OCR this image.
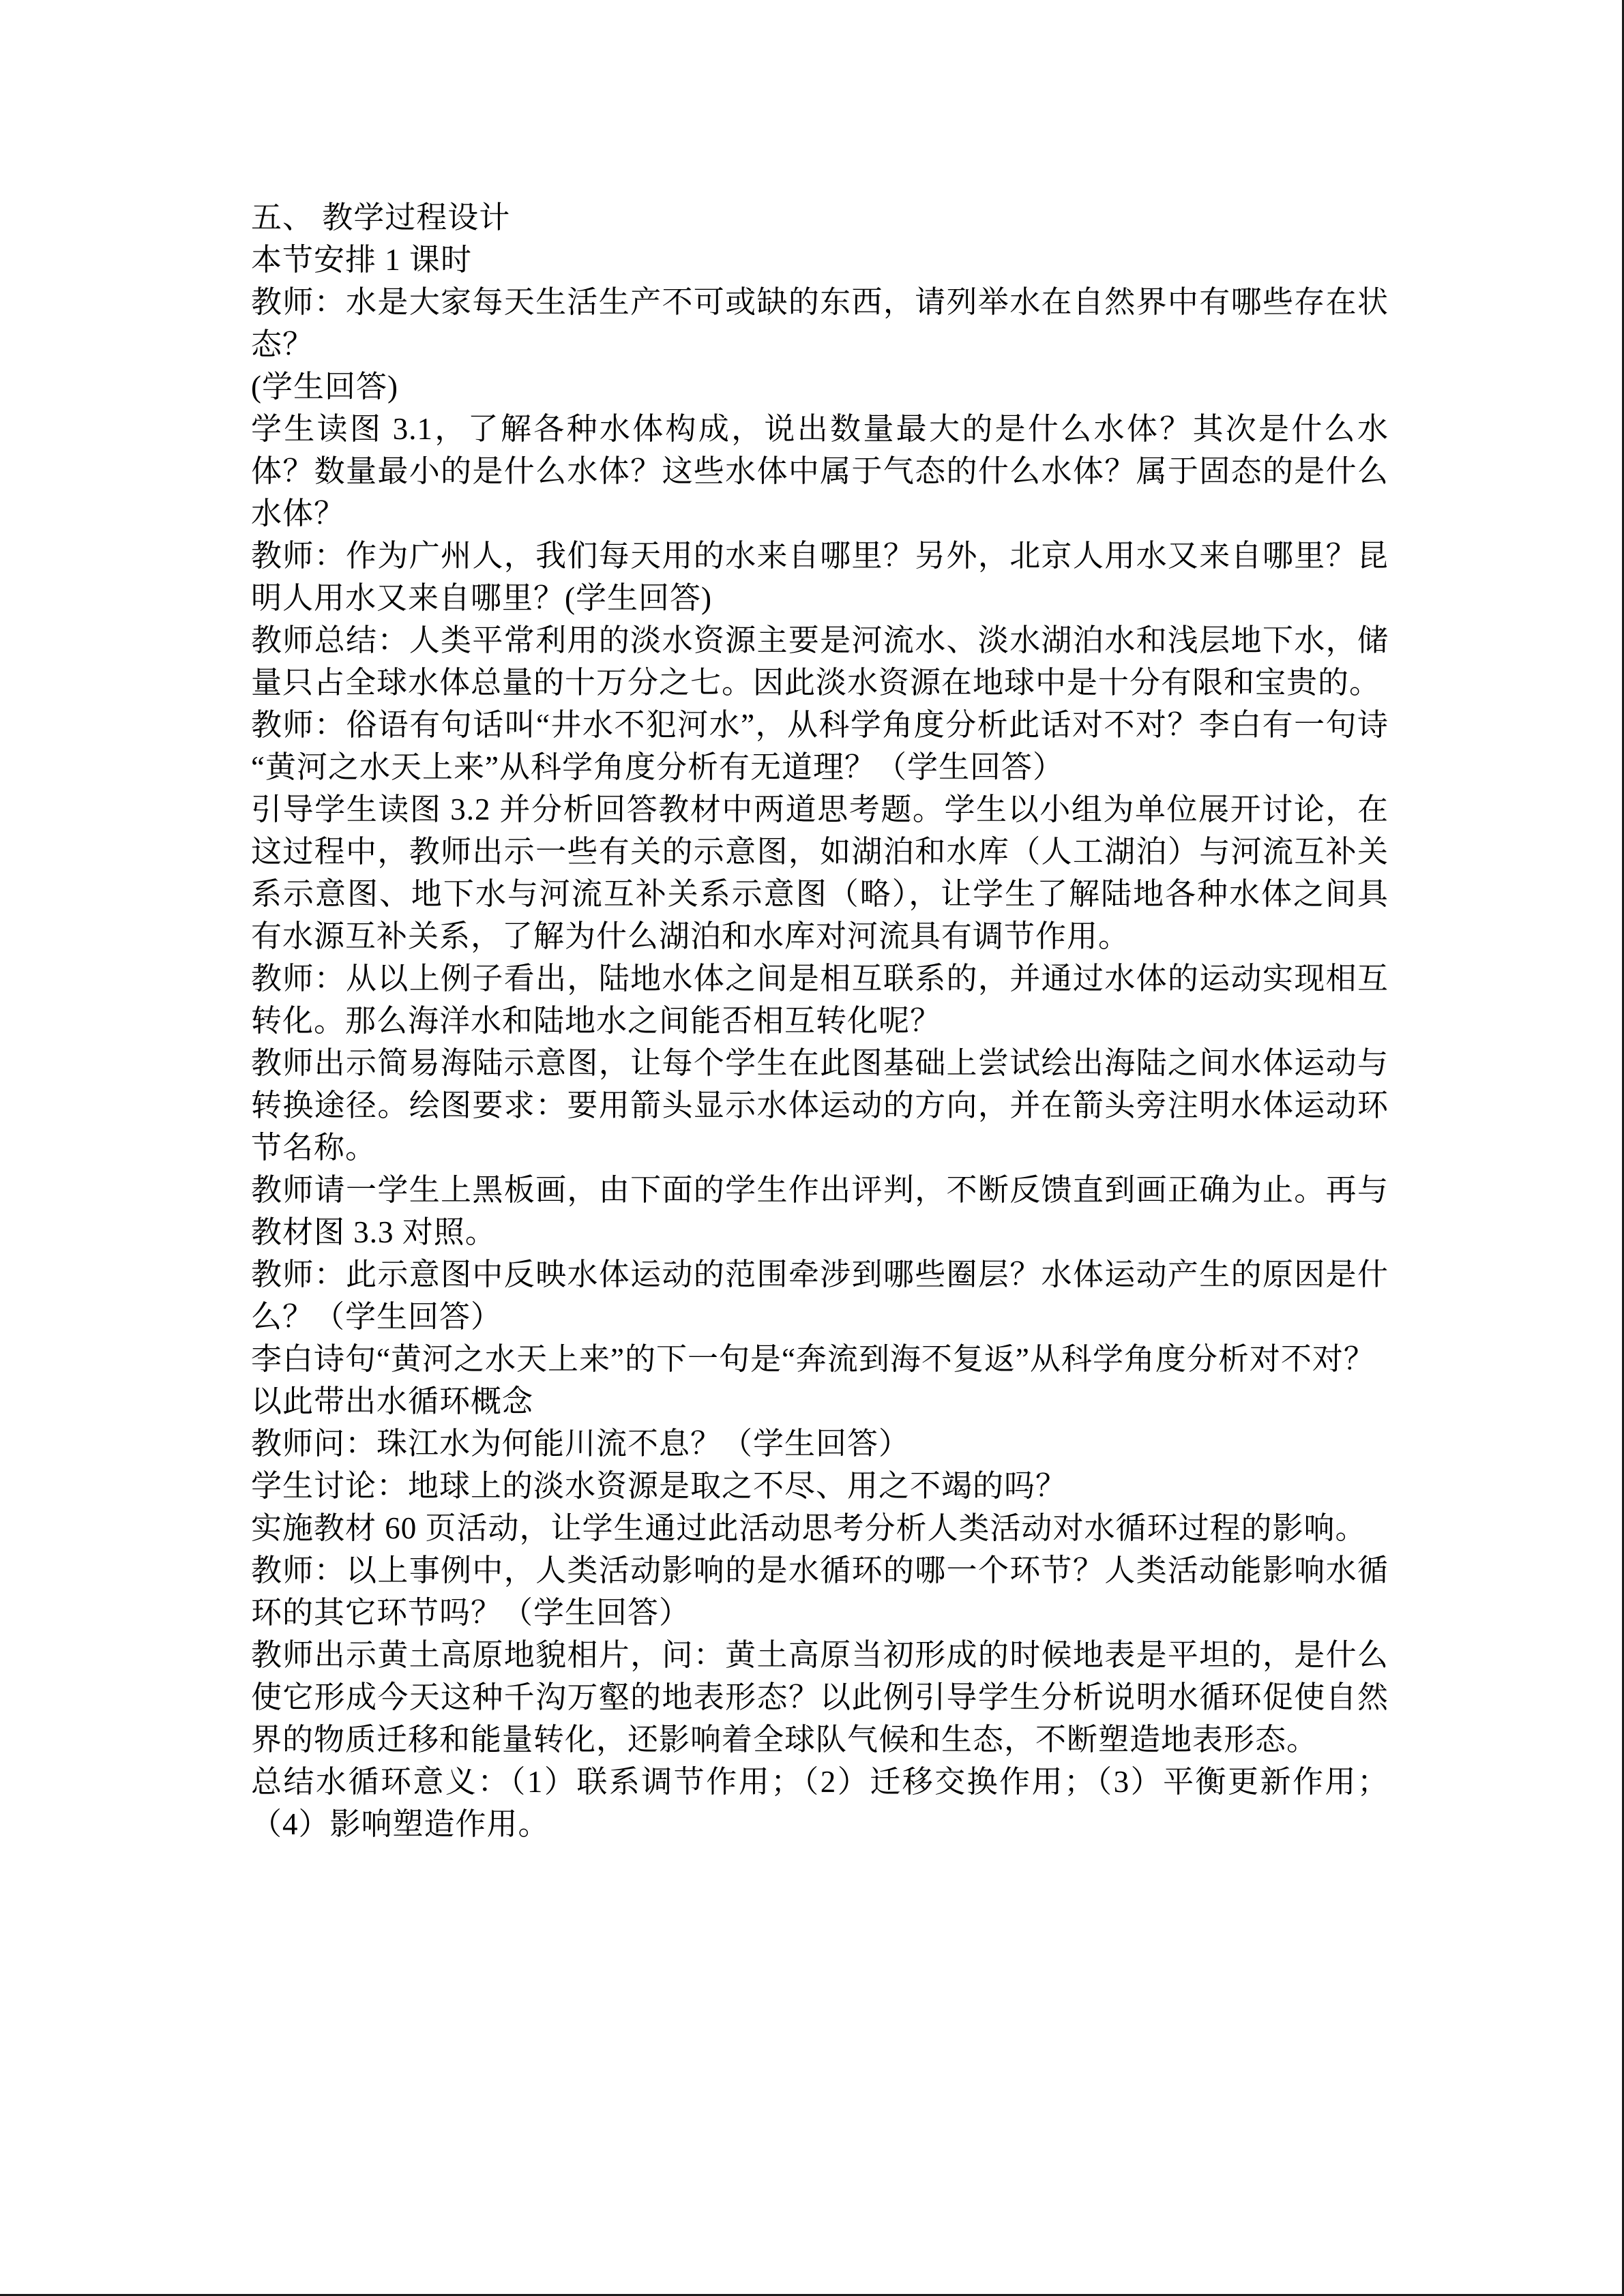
五、 教学过程设计

本节安排 1 课时

教师：水是大家每天生活生产不可或缺的东西，请列举水在自然界中有哪些存在状态？

(学生回答)

学生读图 3.1，了解各种水体构成，说出数量最大的是什么水体？其次是什么水体？数量最小的是什么水体？这些水体中属于气态的什么水体？属于固态的是什么水体？

教师：作为广州人，我们每天用的水来自哪里？另外，北京人用水又来自哪里？昆明人用水又来自哪里？(学生回答)

教师总结：人类平常利用的淡水资源主要是河流水、淡水湖泊水和浅层地下水，储量只占全球水体总量的十万分之七。因此淡水资源在地球中是十分有限和宝贵的。

教师：俗语有句话叫“井水不犯河水”，从科学角度分析此话对不对？李白有一句诗“黄河之水天上来”从科学角度分析有无道理？（学生回答）

引导学生读图 3.2 并分析回答教材中两道思考题。学生以小组为单位展开讨论，在这过程中，教师出示一些有关的示意图，如湖泊和水库（人工湖泊）与河流互补关系示意图、地下水与河流互补关系示意图（略），让学生了解陆地各种水体之间具有水源互补关系，了解为什么湖泊和水库对河流具有调节作用。

教师：从以上例子看出，陆地水体之间是相互联系的，并通过水体的运动实现相互转化。那么海洋水和陆地水之间能否相互转化呢？

教师出示简易海陆示意图，让每个学生在此图基础上尝试绘出海陆之间水体运动与转换途径。绘图要求：要用箭头显示水体运动的方向，并在箭头旁注明水体运动环节名称。

教师请一学生上黑板画，由下面的学生作出评判，不断反馈直到画正确为止。再与教材图 3.3 对照。

教师：此示意图中反映水体运动的范围牵涉到哪些圈层？水体运动产生的原因是什么？（学生回答）

李白诗句“黄河之水天上来”的下一句是“奔流到海不复返”从科学角度分析对不对？

以此带出水循环概念

教师问：珠江水为何能川流不息？（学生回答）

学生讨论：地球上的淡水资源是取之不尽、用之不竭的吗？

实施教材 60 页活动，让学生通过此活动思考分析人类活动对水循环过程的影响。

教师：以上事例中，人类活动影响的是水循环的哪一个环节？人类活动能影响水循环的其它环节吗？（学生回答）

教师出示黄土高原地貌相片，问：黄土高原当初形成的时候地表是平坦的，是什么使它形成今天这种千沟万壑的地表形态？以此例引导学生分析说明水循环促使自然界的物质迁移和能量转化，还影响着全球队气候和生态，不断塑造地表形态。

总结水循环意义：（1）联系调节作用；（2）迁移交换作用；（3）平衡更新作用；（4）影响塑造作用。
